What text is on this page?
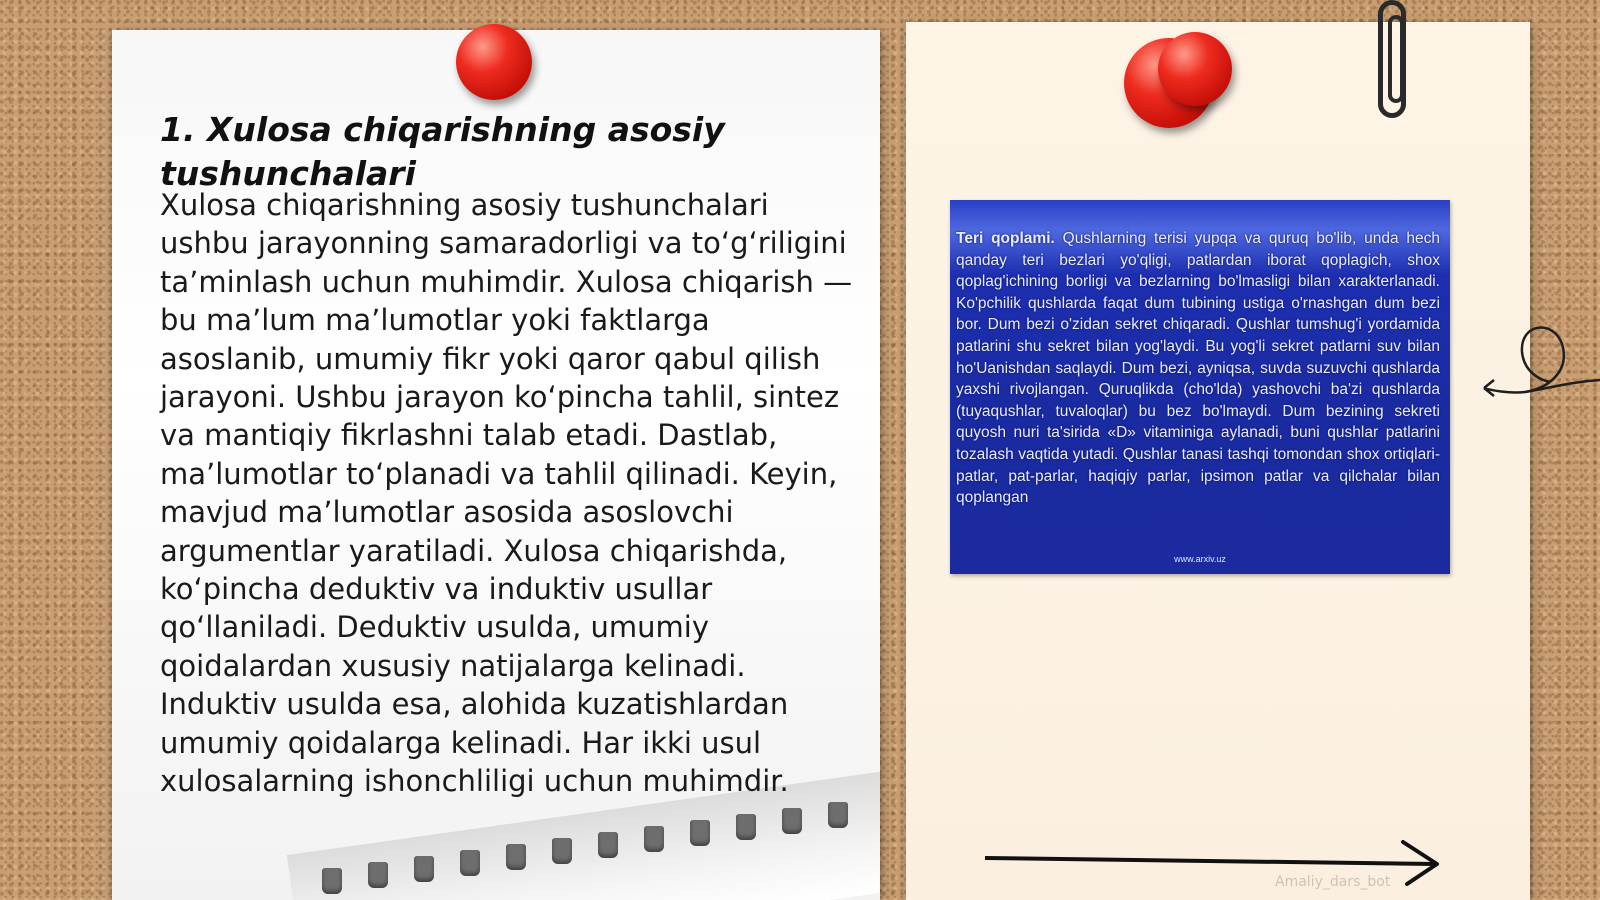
1. Xulosa chiqarishning asosiy tushunchalari

Xulosa chiqarishning asosiy tushunchalari ushbu jarayonning samaradorligi va to‘g‘riligini ta’minlash uchun muhimdir. Xulosa chiqarish — bu ma’lum ma’lumotlar yoki faktlarga asoslanib, umumiy fikr yoki qaror qabul qilish jarayoni. Ushbu jarayon ko‘pincha tahlil, sintez va mantiqiy fikrlashni talab etadi. Dastlab, ma’lumotlar to‘planadi va tahlil qilinadi. Keyin, mavjud ma’lumotlar asosida asoslovchi argumentlar yaratiladi. Xulosa chiqarishda, ko‘pincha deduktiv va induktiv usullar qo‘llaniladi. Deduktiv usulda, umumiy qoidalardan xususiy natijalarga kelinadi. Induktiv usulda esa, alohida kuzatishlardan umumiy qoidalarga kelinadi. Har ikki usul xulosalarning ishonchliligi uchun muhimdir.

Teri qoplami. Qushlarning terisi yupqa va quruq bo'lib, unda hech qanday teri bezlari yo'qligi, patlardan iborat qoplagich, shox qoplag'ichining borligi va bezlarning bo'lmasligi bilan xarakterlanadi. Ko'pchilik qushlarda faqat dum tubining ustiga o'rnashgan dum bezi bor. Dum bezi o'zidan sekret chiqaradi. Qushlar tumshug'i yordamida patlarini shu sekret bilan yog'laydi. Bu yog'li sekret patlarni suv bilan ho'Uanishdan saqlaydi. Dum bezi, ayniqsa, suvda suzuvchi qushlarda yaxshi rivojlangan. Quruqlikda (cho'lda) yashovchi ba'zi qushlarda (tuyaqushlar, tuvaloqlar) bu bez bo'lmaydi. Dum bezining sekreti quyosh nuri ta'sirida «D» vitaminiga aylanadi, buni qushlar patlarini tozalash vaqtida yutadi. Qushlar tanasi tashqi tomondan shox ortiqlari-patlar, pat-parlar, haqiqiy parlar, ipsimon patlar va qilchalar bilan qoplangan

www.arxiv.uz
Amaliy_dars_bot
